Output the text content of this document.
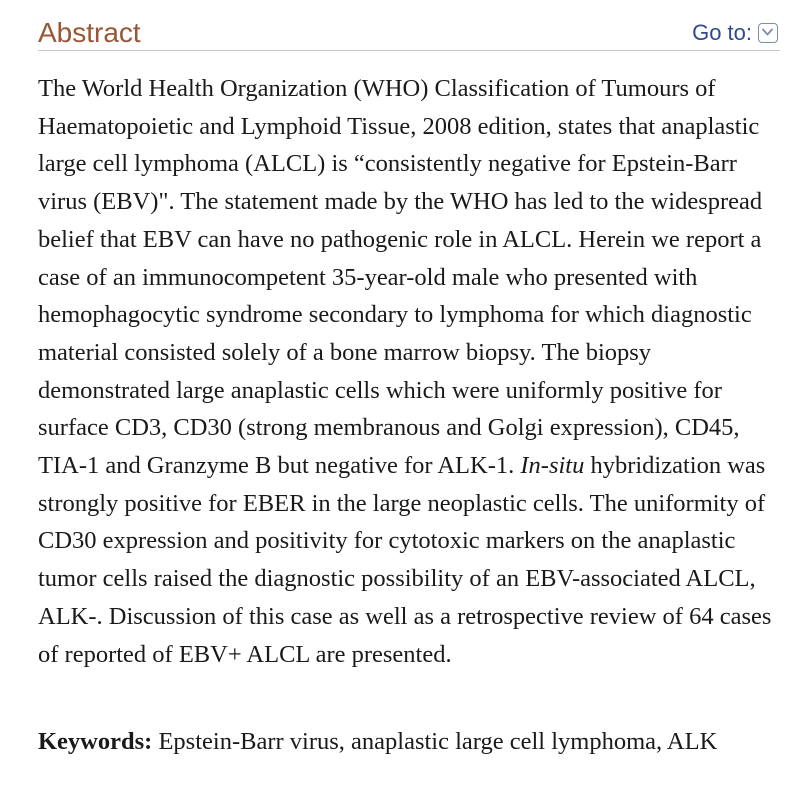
Abstract	Go to:

The World Health Organization (WHO) Classification of Tumours of Haematopoietic and Lymphoid Tissue, 2008 edition, states that anaplastic large cell lymphoma (ALCL) is “consistently negative for Epstein-Barr virus (EBV)". The statement made by the WHO has led to the widespread belief that EBV can have no pathogenic role in ALCL. Herein we report a case of an immunocompetent 35-year-old male who presented with hemophagocytic syndrome secondary to lymphoma for which diagnostic material consisted solely of a bone marrow biopsy. The biopsy demonstrated large anaplastic cells which were uniformly positive for surface CD3, CD30 (strong membranous and Golgi expression), CD45, TIA-1 and Granzyme B but negative for ALK-1. In-situ hybridization was strongly positive for EBER in the large neoplastic cells. The uniformity of CD30 expression and positivity for cytotoxic markers on the anaplastic tumor cells raised the diagnostic possibility of an EBV-associated ALCL, ALK-. Discussion of this case as well as a retrospective review of 64 cases of reported of EBV+ ALCL are presented.

Keywords: Epstein-Barr virus, anaplastic large cell lymphoma, ALK
